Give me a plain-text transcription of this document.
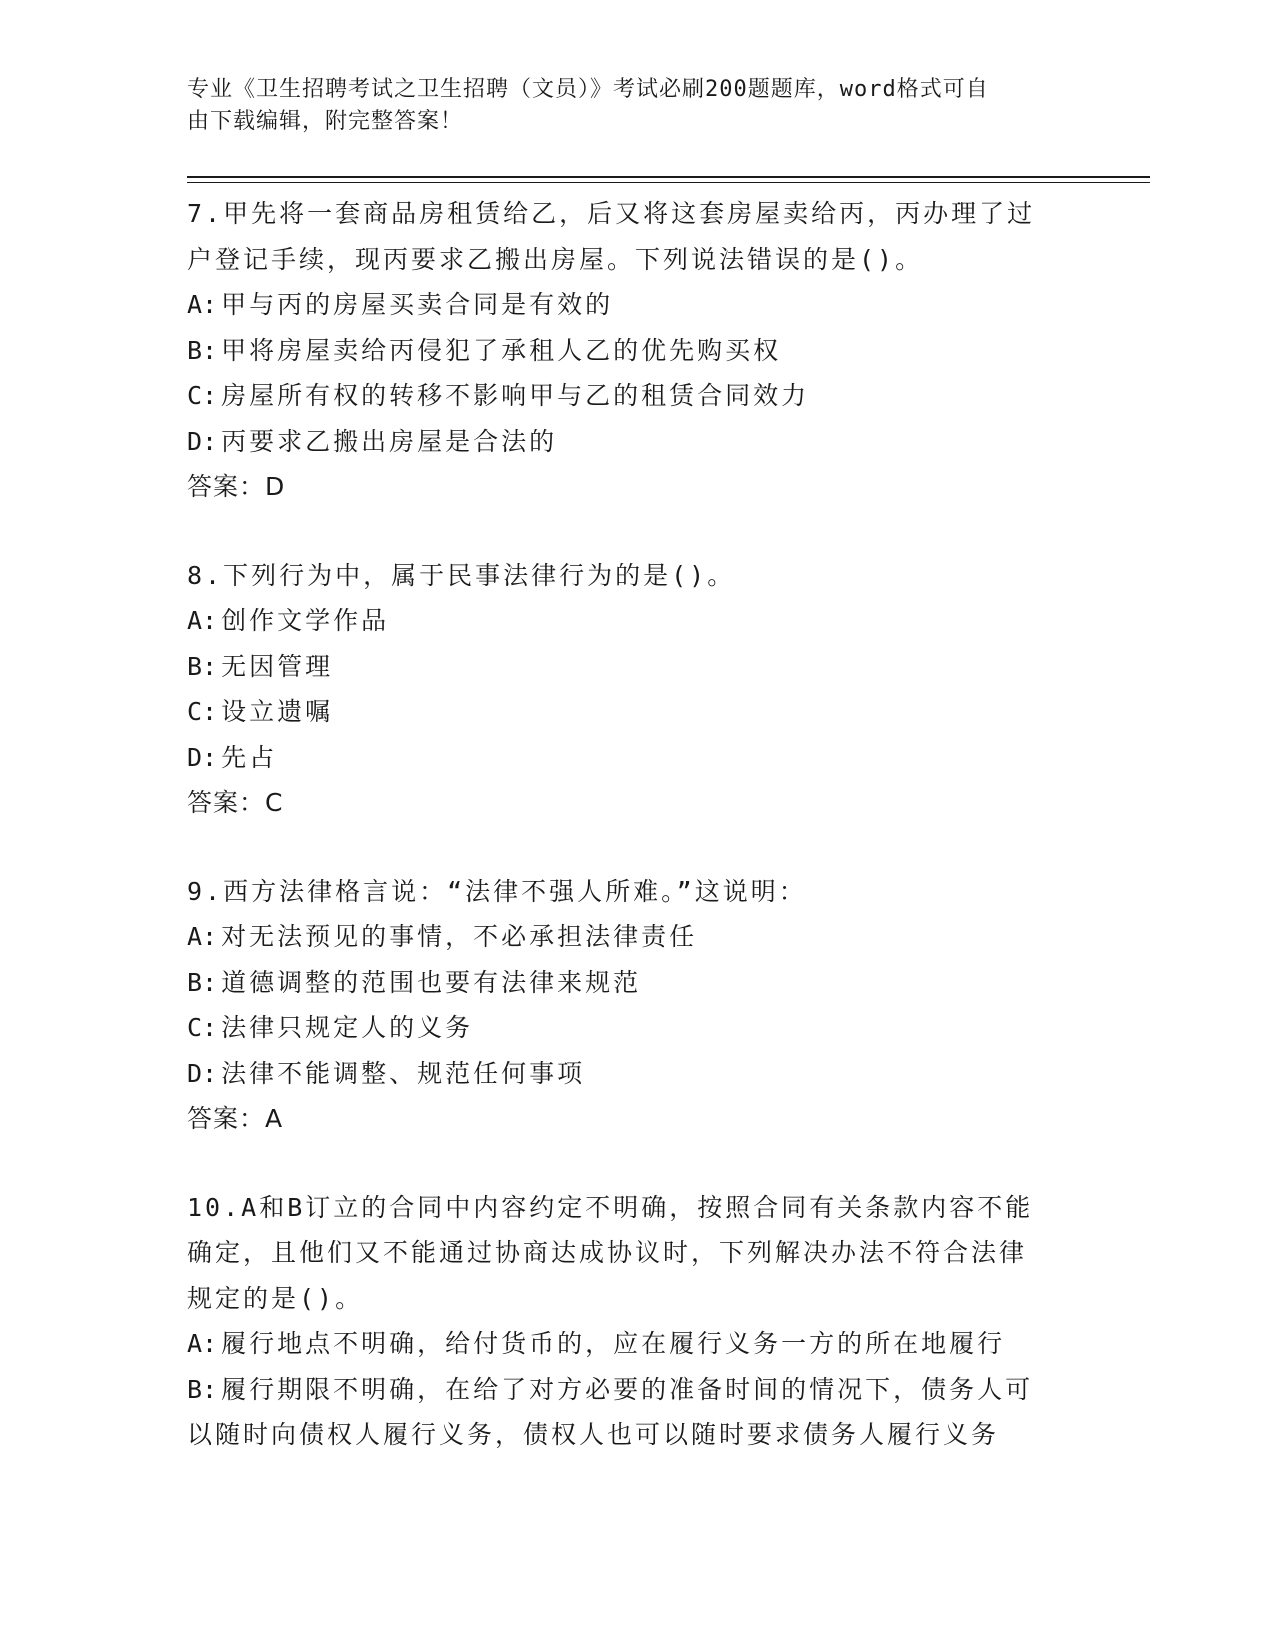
专业《卫生招聘考试之卫生招聘（文员）》考试必刷200题题库，word格式可自
由下载编辑，附完整答案！
7.甲先将一套商品房租赁给乙，后又将这套房屋卖给丙，丙办理了过
户登记手续，现丙要求乙搬出房屋。下列说法错误的是()。
A: 甲与丙的房屋买卖合同是有效的
B: 甲将房屋卖给丙侵犯了承租人乙的优先购买权
C: 房屋所有权的转移不影响甲与乙的租赁合同效力
D: 丙要求乙搬出房屋是合法的
答案：D
8.下列行为中，属于民事法律行为的是()。
A: 创作文学作品
B: 无因管理
C: 设立遗嘱
D: 先占
答案：C
9.西方法律格言说：“法律不强人所难。”这说明：
A: 对无法预见的事情，不必承担法律责任
B: 道德调整的范围也要有法律来规范
C: 法律只规定人的义务
D: 法律不能调整、规范任何事项
答案：A
10.A和B订立的合同中内容约定不明确，按照合同有关条款内容不能
确定，且他们又不能通过协商达成协议时，下列解决办法不符合法律
规定的是()。
A: 履行地点不明确，给付货币的，应在履行义务一方的所在地履行
B: 履行期限不明确，在给了对方必要的准备时间的情况下，债务人可
以随时向债权人履行义务，债权人也可以随时要求债务人履行义务
